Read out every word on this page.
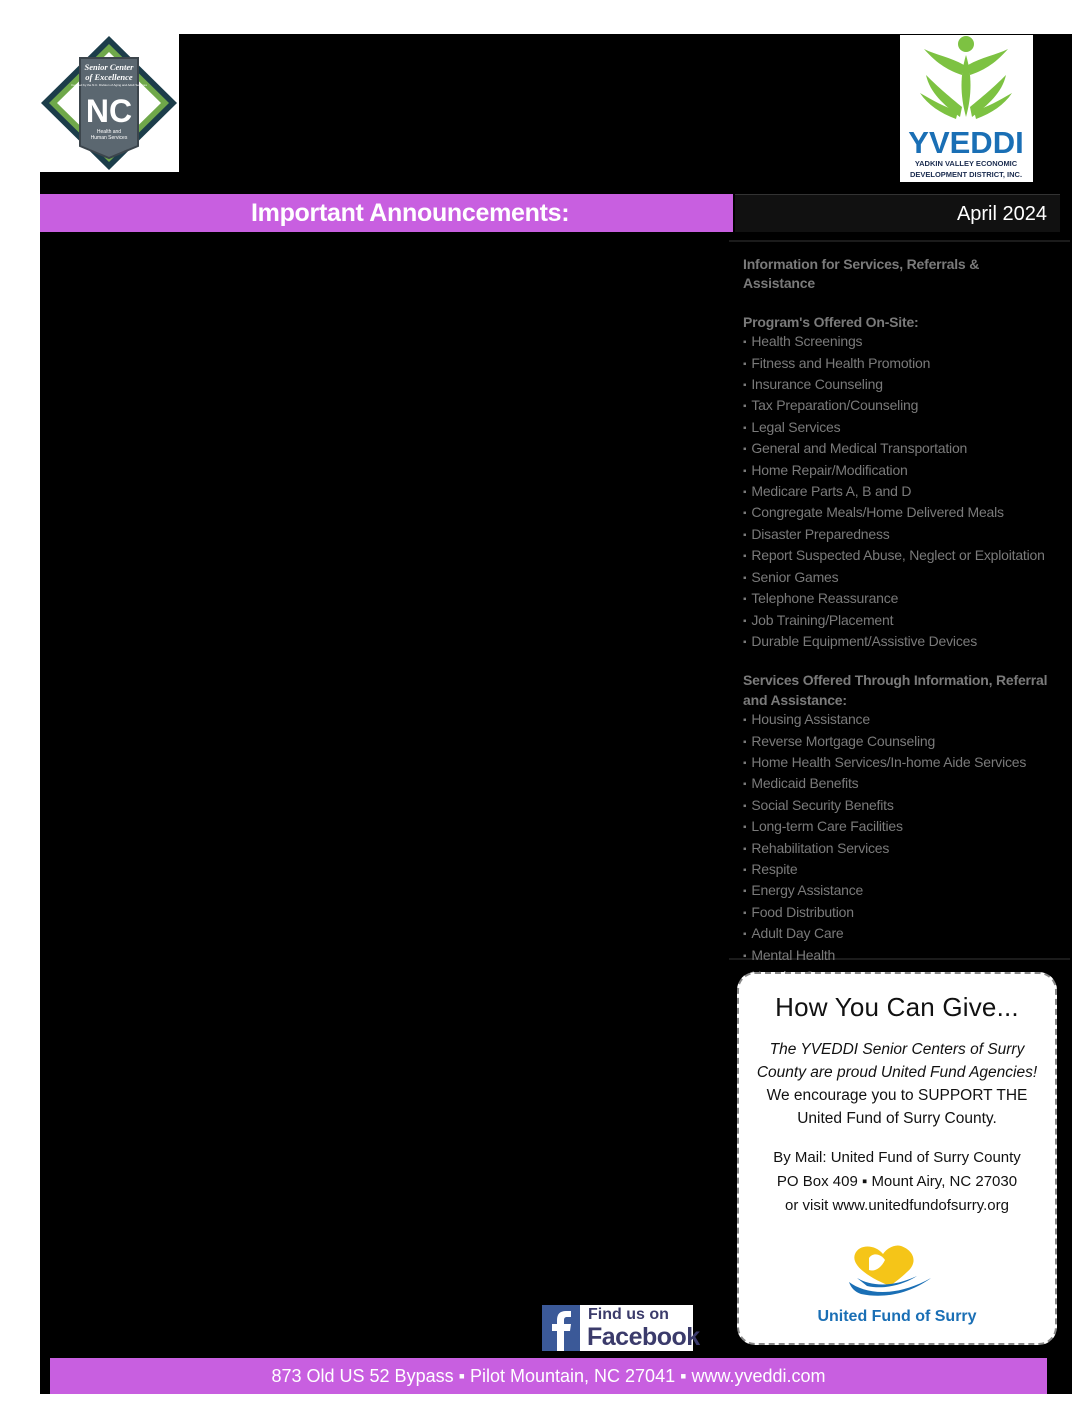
Senior Center
of Excellence
Certified by the N.C. Division of Aging and Adult Services
NC
Health and
Human Services	YVEDDI
YADKIN VALLEY ECONOMIC
DEVELOPMENT DISTRICT, INC.
Important Announcements:	April 2024
Information for Services, Referrals & Assistance
Program's Offered On-Site:
▪ Health Screenings
▪ Fitness and Health Promotion
▪ Insurance Counseling
▪ Tax Preparation/Counseling
▪ Legal Services
▪ General and Medical Transportation
▪ Home Repair/Modification
▪ Medicare Parts A, B and D
▪ Congregate Meals/Home Delivered Meals
▪ Disaster Preparedness
▪ Report Suspected Abuse, Neglect or Exploitation
▪ Senior Games
▪ Telephone Reassurance
▪ Job Training/Placement
▪ Durable Equipment/Assistive Devices
Services Offered Through Information, Referral and Assistance:
▪ Housing Assistance
▪ Reverse Mortgage Counseling
▪ Home Health Services/In-home Aide Services
▪ Medicaid Benefits
▪ Social Security Benefits
▪ Long-term Care Facilities
▪ Rehabilitation Services
▪ Respite
▪ Energy Assistance
▪ Food Distribution
▪ Adult Day Care
▪ Mental Health
▪
How You Can Give...
The YVEDDI Senior Centers of Surry
County are proud United Fund Agencies!
We encourage you to SUPPORT THE
United Fund of Surry County.
By Mail: United Fund of Surry County
PO Box 409 ▪ Mount Airy, NC 27030
or visit www.unitedfundofsurry.org
United Fund of Surry
Find us on
Facebook
873 Old US 52 Bypass ▪ Pilot Mountain, NC 27041 ▪ www.yveddi.com
